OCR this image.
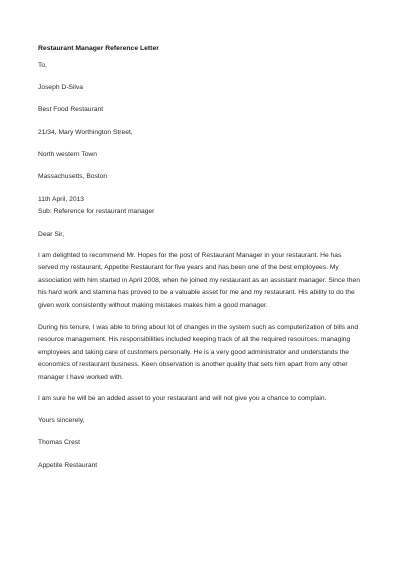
Restaurant Manager Reference Letter
To,
Joseph D-Silva
Best Food Restaurant
21/34, Mary Worthington Street,
North western Town
Massachusetts, Boston
11th April, 2013
Sub: Reference for restaurant manager
Dear Sir,
I am delighted to recommend Mr. Hopes for the post of Restaurant Manager in your restaurant. He has
served my restaurant, Appetite Restaurant for five years and has been one of the best employees. My
association with him started in April 2008, when he joined my restaurant as an assistant manager. Since then
his hard work and stamina has proved to be a valuable asset for me and my restaurant. His ability to do the
given work consistently without making mistakes makes him a good manager.
During his tenure, I was able to bring about lot of changes in the system such as computerization of bills and
resource management. His responsibilities included keeping track of all the required resources, managing
employees and taking care of customers personally. He is a very good administrator and understands the
economics of restaurant business. Keen observation is another quality that sets him apart from any other
manager I have worked with.
I am sure he will be an added asset to your restaurant and will not give you a chance to complain.
Yours sincerely,
Thomas Crest
Appetite Restaurant
